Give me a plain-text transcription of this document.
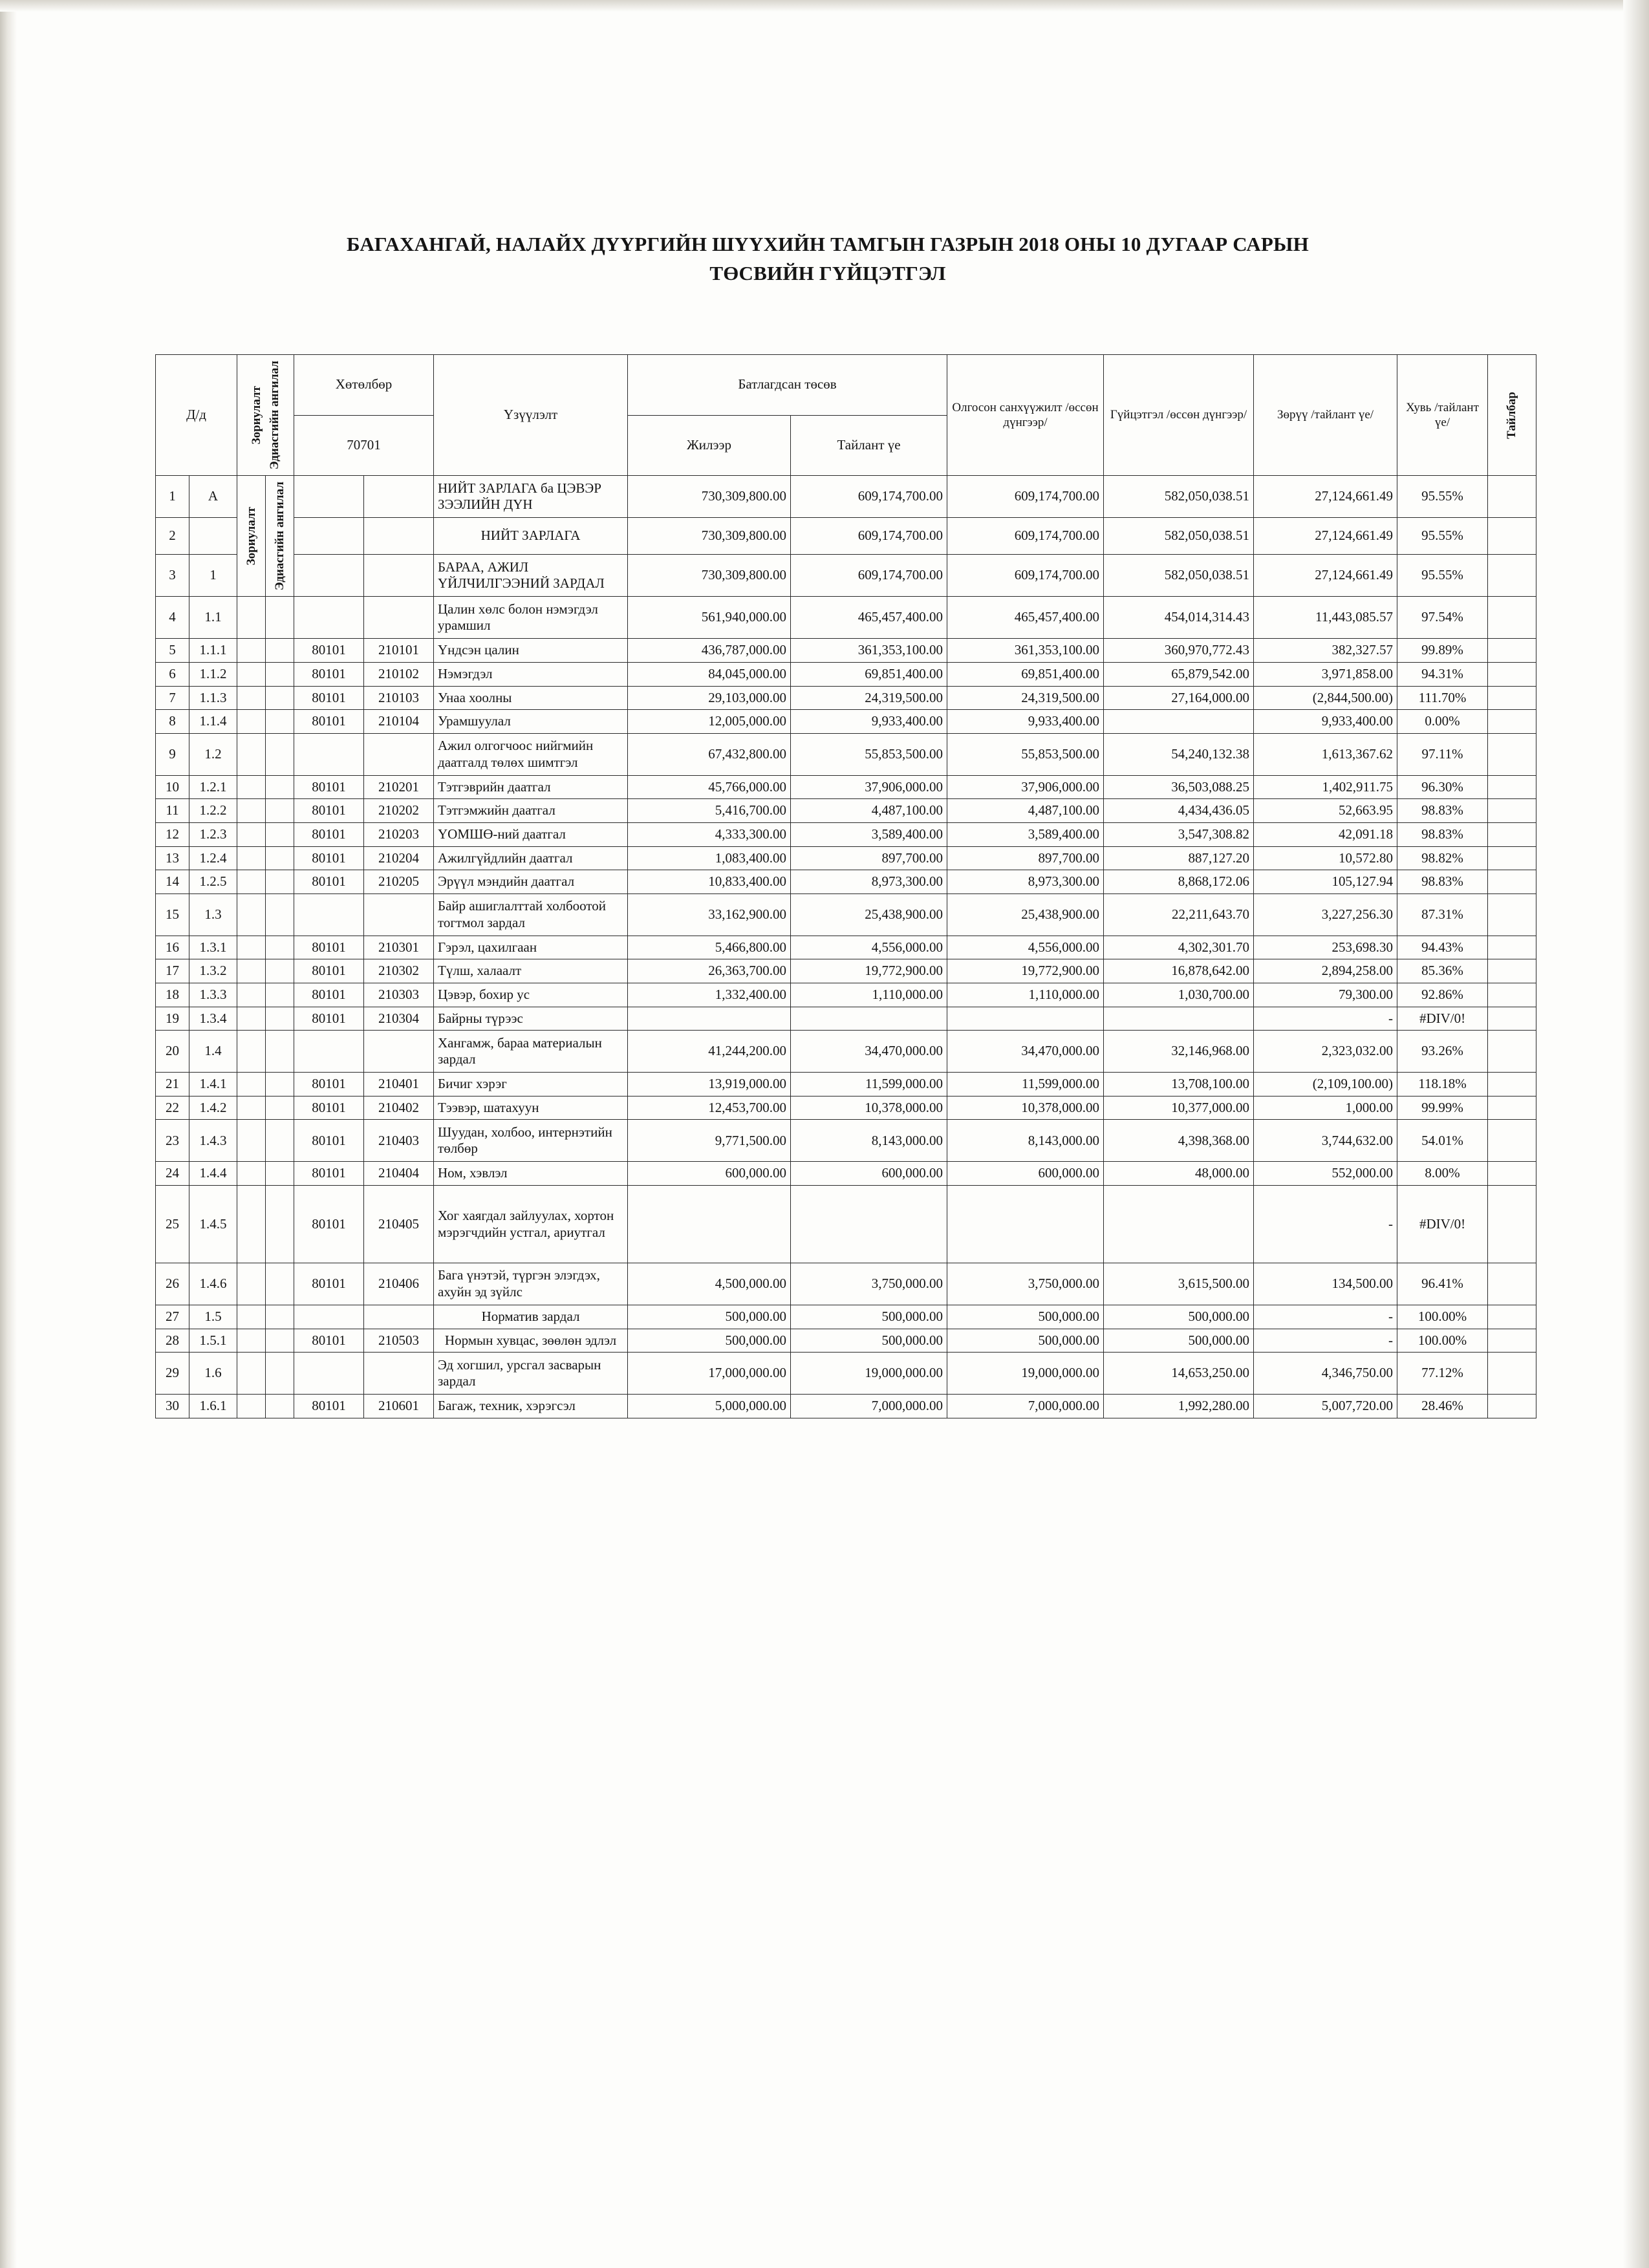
БАГАХАНГАЙ, НАЛАЙХ ДҮҮРГИЙН ШҮҮХИЙН ТАМГЫН ГАЗРЫН 2018 ОНЫ 10 ДУГААР САРЫН
ТӨСВИЙН ГҮЙЦЭТГЭЛ
Д/д		Зориулалт Эдиасгийн ангилал		Хөтөлбөр		Үзүүлэлт	Батлагдсан төсөв		Олгосон санхүүжилт /өссөн дүнгээр/	Гүйцэтгэл /өссөн дүнгээр/	Зөрүү /тайлант үе/	Хувь /тайлант үе/	Тайлбар

				70701			Жилээр	Тайлант үе					
1	А	Зориулалт	Эдиасгийн ангилал			НИЙТ ЗАРЛАГА ба ЦЭВЭР ЗЭЭЛИЙН ДҮН	730,309,800.00	609,174,700.00	609,174,700.00	582,050,038.51	27,124,661.49	95.55%	
2						НИЙТ ЗАРЛАГА	730,309,800.00	609,174,700.00	609,174,700.00	582,050,038.51	27,124,661.49	95.55%	
3	1					БАРАА, АЖИЛ ҮЙЛЧИЛГЭЭНИЙ ЗАРДАЛ	730,309,800.00	609,174,700.00	609,174,700.00	582,050,038.51	27,124,661.49	95.55%	
4	1.1					Цалин хөлс болон нэмэгдэл урамшил	561,940,000.00	465,457,400.00	465,457,400.00	454,014,314.43	11,443,085.57	97.54%	
5	1.1.1			80101	210101	Үндсэн цалин	436,787,000.00	361,353,100.00	361,353,100.00	360,970,772.43	382,327.57	99.89%	
6	1.1.2			80101	210102	Нэмэгдэл	84,045,000.00	69,851,400.00	69,851,400.00	65,879,542.00	3,971,858.00	94.31%	
7	1.1.3			80101	210103	Унаа хоолны	29,103,000.00	24,319,500.00	24,319,500.00	27,164,000.00	(2,844,500.00)	111.70%	
8	1.1.4			80101	210104	Урамшуулал	12,005,000.00	9,933,400.00	9,933,400.00		9,933,400.00	0.00%	
9	1.2					Ажил олгогчоос нийгмийн даатгалд төлөх шимтгэл	67,432,800.00	55,853,500.00	55,853,500.00	54,240,132.38	1,613,367.62	97.11%	
10	1.2.1			80101	210201	Тэтгэврийн даатгал	45,766,000.00	37,906,000.00	37,906,000.00	36,503,088.25	1,402,911.75	96.30%	
11	1.2.2			80101	210202	Тэтгэмжийн даатгал	5,416,700.00	4,487,100.00	4,487,100.00	4,434,436.05	52,663.95	98.83%	
12	1.2.3			80101	210203	ҮОМШӨ-ний даатгал	4,333,300.00	3,589,400.00	3,589,400.00	3,547,308.82	42,091.18	98.83%	
13	1.2.4			80101	210204	Ажилгүйдлийн даатгал	1,083,400.00	897,700.00	897,700.00	887,127.20	10,572.80	98.82%	
14	1.2.5			80101	210205	Эрүүл мэндийн даатгал	10,833,400.00	8,973,300.00	8,973,300.00	8,868,172.06	105,127.94	98.83%	
15	1.3					Байр ашиглалттай холбоотой тогтмол зардал	33,162,900.00	25,438,900.00	25,438,900.00	22,211,643.70	3,227,256.30	87.31%	
16	1.3.1			80101	210301	Гэрэл, цахилгаан	5,466,800.00	4,556,000.00	4,556,000.00	4,302,301.70	253,698.30	94.43%	
17	1.3.2			80101	210302	Түлш, халаалт	26,363,700.00	19,772,900.00	19,772,900.00	16,878,642.00	2,894,258.00	85.36%	
18	1.3.3			80101	210303	Цэвэр, бохир ус	1,332,400.00	1,110,000.00	1,110,000.00	1,030,700.00	79,300.00	92.86%	
19	1.3.4			80101	210304	Байрны түрээс					-	#DIV/0!	
20	1.4					Хангамж, бараа материалын зардал	41,244,200.00	34,470,000.00	34,470,000.00	32,146,968.00	2,323,032.00	93.26%	
21	1.4.1			80101	210401	Бичиг хэрэг	13,919,000.00	11,599,000.00	11,599,000.00	13,708,100.00	(2,109,100.00)	118.18%	
22	1.4.2			80101	210402	Тээвэр, шатахуун	12,453,700.00	10,378,000.00	10,378,000.00	10,377,000.00	1,000.00	99.99%	
23	1.4.3			80101	210403	Шуудан, холбоо, интернэтийн төлбөр	9,771,500.00	8,143,000.00	8,143,000.00	4,398,368.00	3,744,632.00	54.01%	
24	1.4.4			80101	210404	Ном, хэвлэл	600,000.00	600,000.00	600,000.00	48,000.00	552,000.00	8.00%	
25	1.4.5			80101	210405	Хог хаягдал зайлуулах, хортон мэрэгчдийн устгал, ариутгал					-	#DIV/0!	
26	1.4.6			80101	210406	Бага үнэтэй, түргэн элэгдэх, ахуйн эд зүйлс	4,500,000.00	3,750,000.00	3,750,000.00	3,615,500.00	134,500.00	96.41%	
27	1.5					Норматив зардал	500,000.00	500,000.00	500,000.00	500,000.00	-	100.00%	
28	1.5.1			80101	210503	Нормын хувцас, зөөлөн эдлэл	500,000.00	500,000.00	500,000.00	500,000.00	-	100.00%	
29	1.6					Эд хогшил, урсгал засварын зардал	17,000,000.00	19,000,000.00	19,000,000.00	14,653,250.00	4,346,750.00	77.12%	
30	1.6.1			80101	210601	Багаж, техник, хэрэгсэл	5,000,000.00	7,000,000.00	7,000,000.00	1,992,280.00	5,007,720.00	28.46%	
